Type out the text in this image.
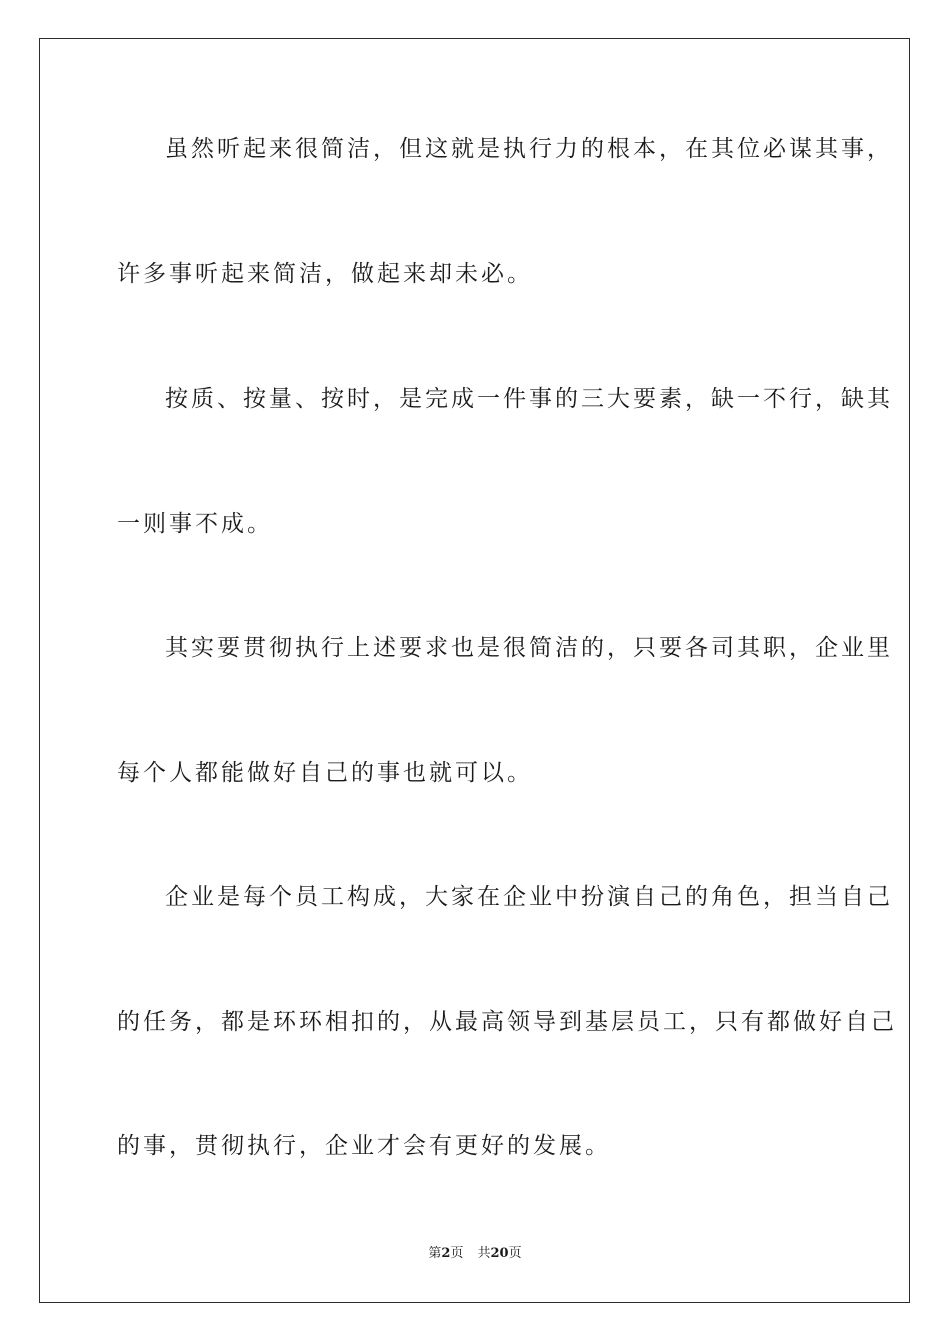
虽然听起来很简洁，但这就是执行力的根本，在其位必谋其事，
许多事听起来简洁，做起来却未必。
按质、按量、按时，是完成一件事的三大要素，缺一不行，缺其
一则事不成。
其实要贯彻执行上述要求也是很简洁的，只要各司其职，企业里
每个人都能做好自己的事也就可以。
企业是每个员工构成，大家在企业中扮演自己的角色，担当自己
的任务，都是环环相扣的，从最高领导到基层员工，只有都做好自己
的事，贯彻执行，企业才会有更好的发展。
第2页 共20页
